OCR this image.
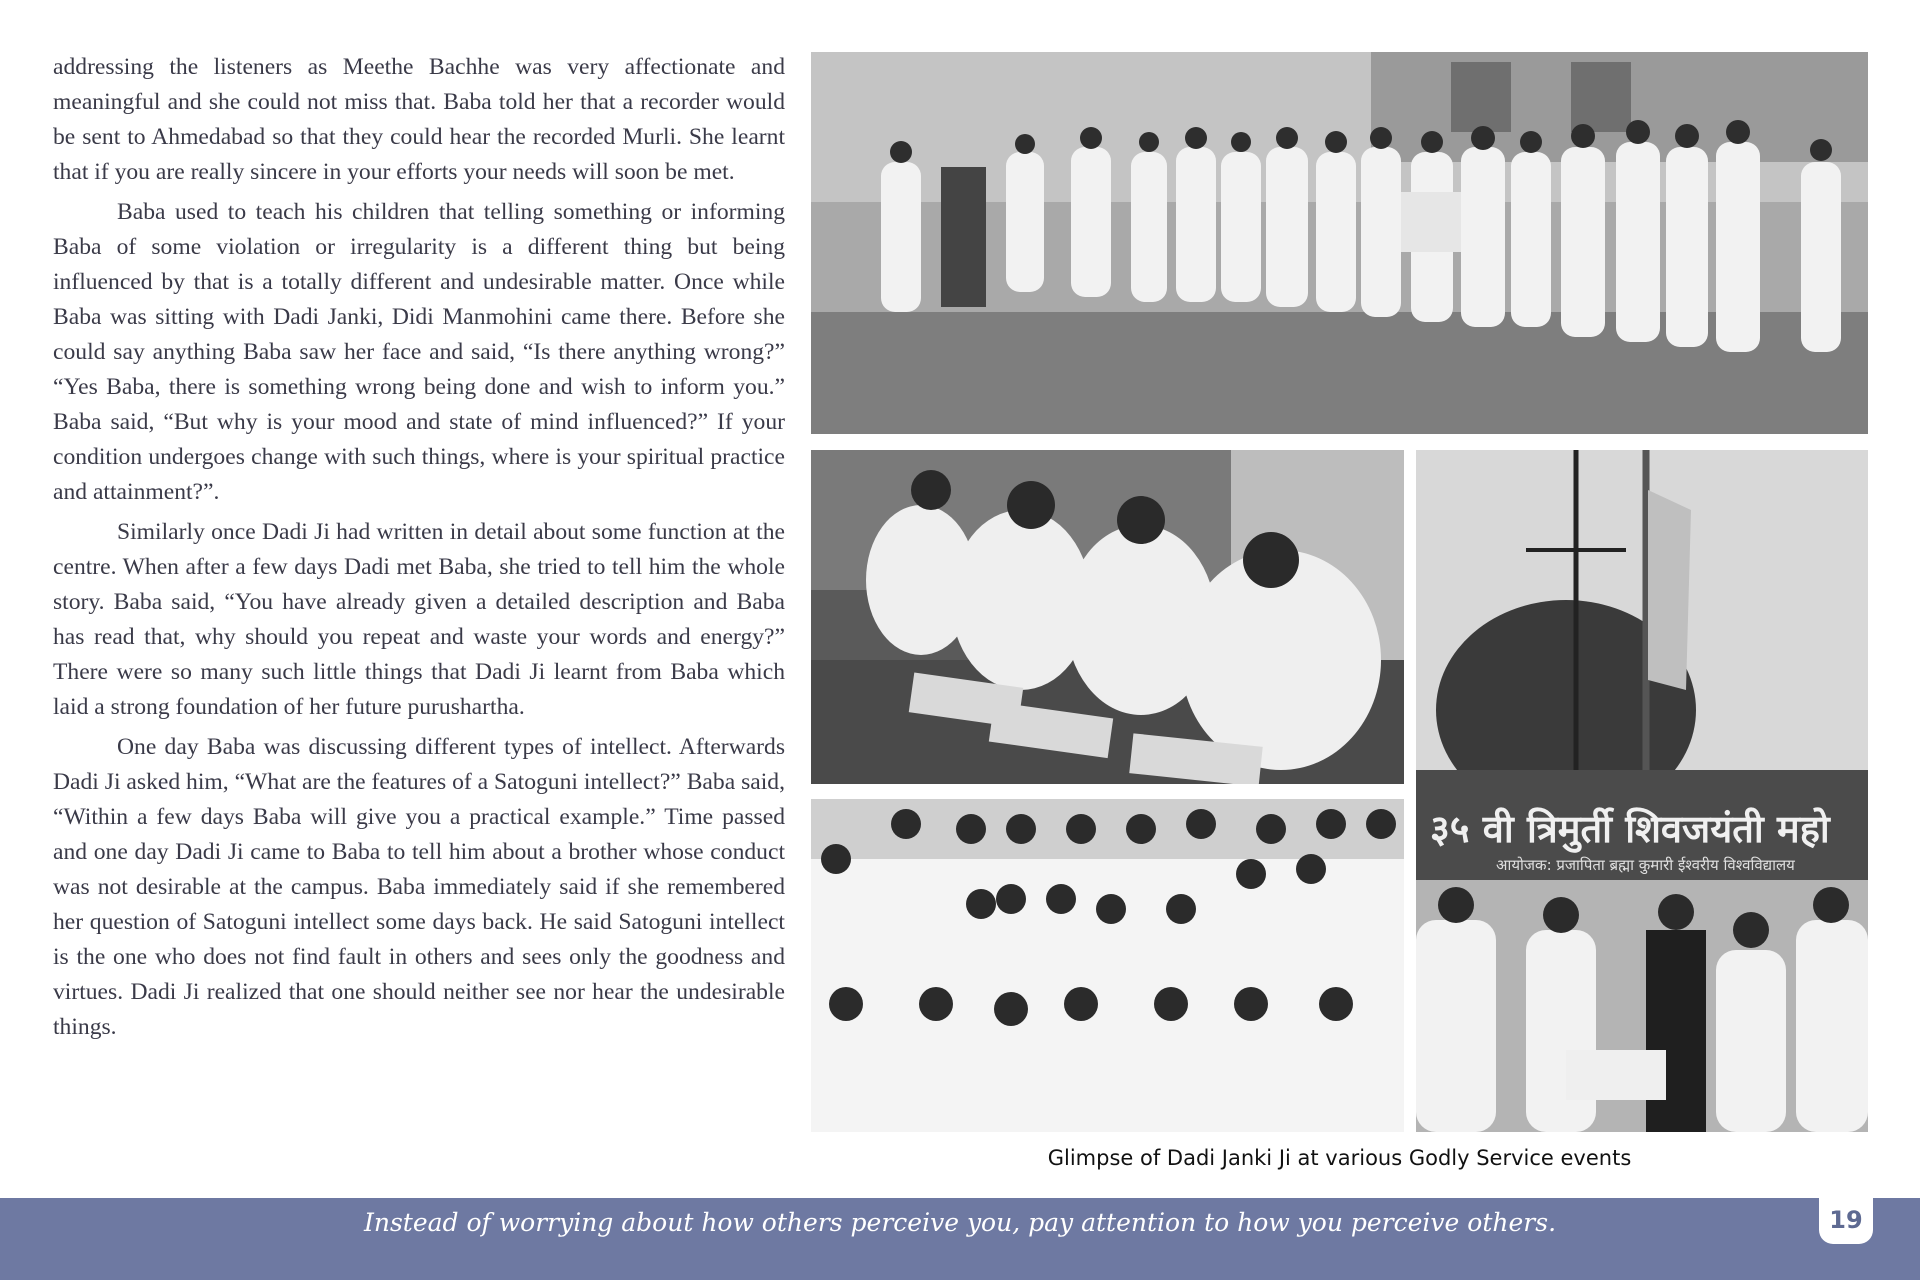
addressing the listeners as Meethe Bachhe was very affectionate and meaningful and she could not miss that. Baba told her that a recorder would be sent to Ahmedabad so that they could hear the recorded Murli. She learnt that if you are really sincere in your efforts your needs will soon be met.

Baba used to teach his children that telling something or informing Baba of some violation or irregularity is a different thing but being influenced by that is a totally different and undesirable matter. Once while Baba was sitting with Dadi Janki, Didi Manmohini came there. Before she could say anything Baba saw her face and said, “Is there anything wrong?” “Yes Baba, there is something wrong being done and wish to inform you.” Baba said, “But why is your mood and state of mind influenced?” If your condition undergoes change with such things, where is your spiritual practice and attainment?”.

Similarly once Dadi Ji had written in detail about some function at the centre. When after a few days Dadi met Baba, she tried to tell him the whole story. Baba said, “You have already given a detailed description and Baba has read that, why should you repeat and waste your words and energy?” There were so many such little things that Dadi Ji learnt from Baba which laid a strong foundation of her future purushartha.

One day Baba was discussing different types of intellect. Afterwards Dadi Ji asked him, “What are the features of a Satoguni intellect?” Baba said, “Within a few days Baba will give you a practical example.” Time passed and one day Dadi Ji came to Baba to tell him about a brother whose conduct was not desirable at the campus. Baba immediately said if she remembered her question of Satoguni intellect some days back. He said Satoguni intellect is the one who does not find fault in others and sees only the goodness and virtues. Dadi Ji realized that one should neither see nor hear the undesirable things.

३५ वी त्रिमुर्ती शिवजयंती महो
आयोजक: प्रजापिता ब्रह्मा कुमारी ईश्वरीय विश्वविद्यालय
Glimpse of Dadi Janki Ji at various Godly Service events
Instead of worrying about how others perceive you, pay attention to how you perceive others.	19
